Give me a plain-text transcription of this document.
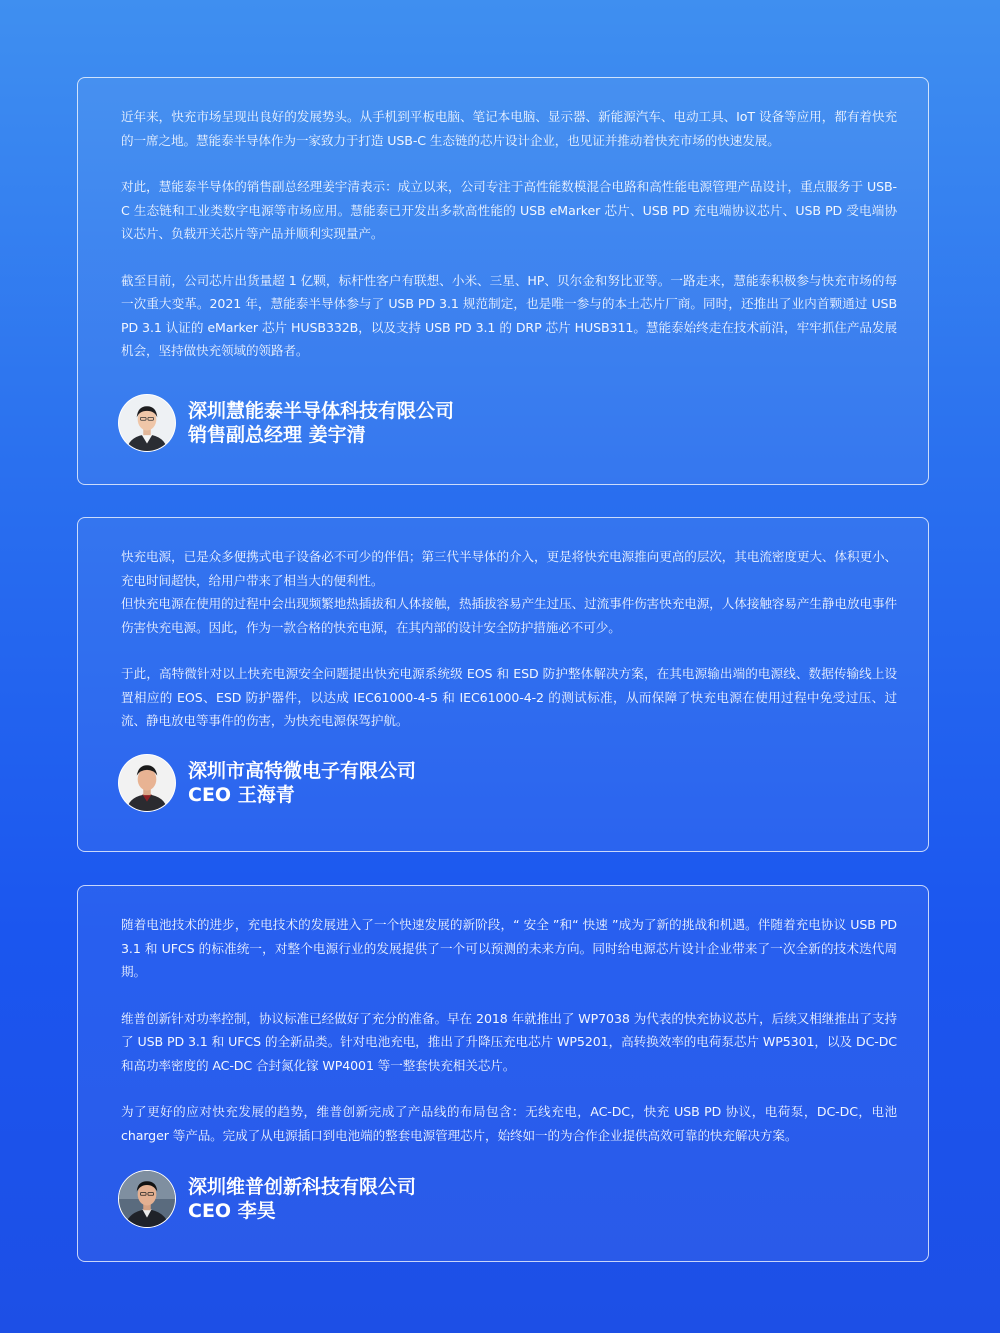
近年来，快充市场呈现出良好的发展势头。从手机到平板电脑、笔记本电脑、显示器、新能源汽车、电动工具、IoT 设备等应用，都有着快充的一席之地。慧能泰半导体作为一家致力于打造 USB-C 生态链的芯片设计企业，也见证并推动着快充市场的快速发展。

对此，慧能泰半导体的销售副总经理姜宇清表示：成立以来，公司专注于高性能数模混合电路和高性能电源管理产品设计，重点服务于 USB-C 生态链和工业类数字电源等市场应用。慧能泰已开发出多款高性能的 USB eMarker 芯片、USB PD 充电端协议芯片、USB PD 受电端协议芯片、负载开关芯片等产品并顺利实现量产。

截至目前，公司芯片出货量超 1 亿颗，标杆性客户有联想、小米、三星、HP、贝尔金和努比亚等。一路走来，慧能泰积极参与快充市场的每一次重大变革。2021 年，慧能泰半导体参与了 USB PD 3.1 规范制定，也是唯一参与的本土芯片厂商。同时，还推出了业内首颗通过 USB PD 3.1 认证的 eMarker 芯片 HUSB332B，以及支持 USB PD 3.1 的 DRP 芯片 HUSB311。慧能泰始终走在技术前沿，牢牢抓住产品发展机会，坚持做快充领域的领路者。

深圳慧能泰半导体科技有限公司
销售副总经理 姜宇清

快充电源，已是众多便携式电子设备必不可少的伴侣；第三代半导体的介入，更是将快充电源推向更高的层次，其电流密度更大、体积更小、充电时间超快，给用户带来了相当大的便利性。

但快充电源在使用的过程中会出现频繁地热插拔和人体接触，热插拔容易产生过压、过流事件伤害快充电源，人体接触容易产生静电放电事件伤害快充电源。因此，作为一款合格的快充电源，在其内部的设计安全防护措施必不可少。

于此，高特微针对以上快充电源安全问题提出快充电源系统级 EOS 和 ESD 防护整体解决方案，在其电源输出端的电源线、数据传输线上设置相应的 EOS、ESD 防护器件，以达成 IEC61000-4-5 和 IEC61000-4-2 的测试标准，从而保障了快充电源在使用过程中免受过压、过流、静电放电等事件的伤害，为快充电源保驾护航。

深圳市高特微电子有限公司
CEO 王海青

随着电池技术的进步，充电技术的发展进入了一个快速发展的新阶段，“ 安全 ”和“ 快速 ”成为了新的挑战和机遇。伴随着充电协议 USB PD 3.1 和 UFCS 的标准统一，对整个电源行业的发展提供了一个可以预测的未来方向。同时给电源芯片设计企业带来了一次全新的技术迭代周期。

维普创新针对功率控制，协议标准已经做好了充分的准备。早在 2018 年就推出了 WP7038 为代表的快充协议芯片，后续又相继推出了支持了 USB PD 3.1 和 UFCS 的全新品类。针对电池充电，推出了升降压充电芯片 WP5201，高转换效率的电荷泵芯片 WP5301，以及 DC-DC 和高功率密度的 AC-DC 合封氮化镓 WP4001 等一整套快充相关芯片。

为了更好的应对快充发展的趋势，维普创新完成了产品线的布局包含：无线充电，AC-DC，快充 USB PD 协议，电荷泵，DC-DC，电池 charger 等产品。完成了从电源插口到电池端的整套电源管理芯片，始终如一的为合作企业提供高效可靠的快充解决方案。

深圳维普创新科技有限公司
CEO 李昊
